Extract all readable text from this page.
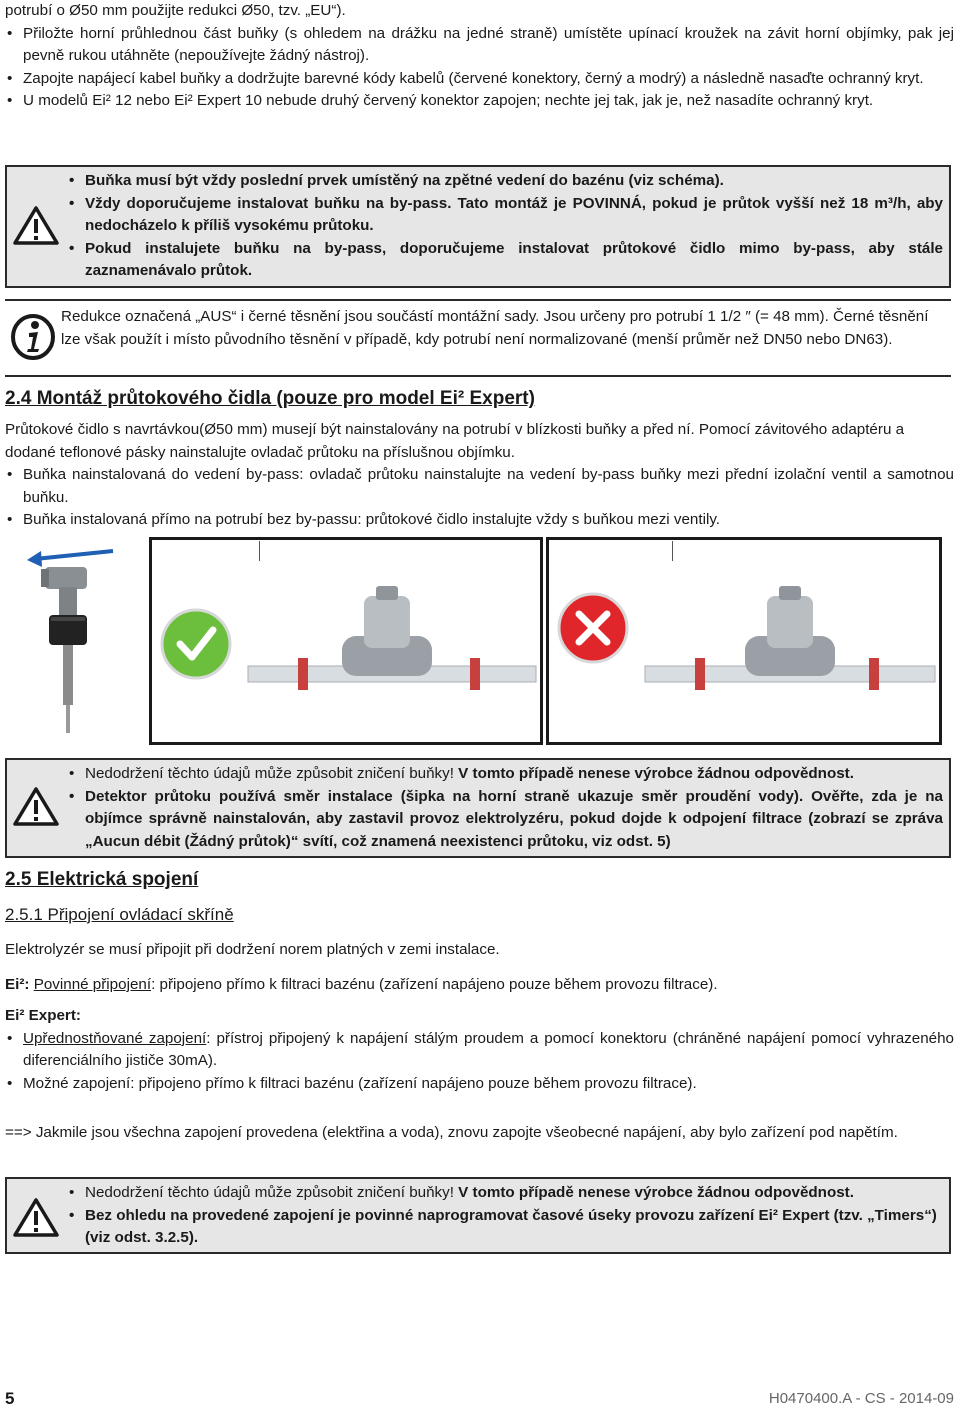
potrubí o Ø50 mm použijte redukci Ø50, tzv. „EU“).

• Přiložte horní průhlednou část buňky (s ohledem na drážku na jedné straně) umístěte upínací kroužek na závit horní objímky, pak jej pevně rukou utáhněte (nepoužívejte žádný nástroj).

• Zapojte napájecí kabel buňky a dodržujte barevné kódy kabelů (červené konektory, černý a modrý) a následně nasaďte ochranný kryt.

• U modelů Ei² 12 nebo Ei² Expert 10 nebude druhý červený konektor zapojen; nechte jej tak, jak je, než nasadíte ochranný kryt.

• Buňka musí být vždy poslední prvek umístěný na zpětné vedení do bazénu (viz schéma).

• Vždy doporučujeme instalovat buňku na by-pass. Tato montáž je POVINNÁ, pokud je průtok vyšší než 18 m³/h, aby nedocházelo k příliš vysokému průtoku.

• Pokud instalujete buňku na by-pass, doporučujeme instalovat průtokové čidlo mimo by-pass, aby stále zaznamenávalo průtok.

Redukce označená „AUS“ i černé těsnění jsou součástí montážní sady. Jsou určeny pro potrubí 1 1/2 ″ (= 48 mm). Černé těsnění lze však použít i místo původního těsnění v případě, kdy potrubí není normalizované (menší průměr než DN50 nebo DN63).

2.4 Montáž průtokového čidla (pouze pro model Ei² Expert)

Průtokové čidlo s navrtávkou(Ø50 mm) musejí být nainstalovány na potrubí v blízkosti buňky a před ní. Pomocí závitového adaptéru a dodané teflonové pásky nainstalujte ovladač průtoku na příslušnou objímku.

• Buňka nainstalovaná do vedení by-pass: ovladač průtoku nainstalujte na vedení by-pass buňky mezi přední izolační ventil a samotnou buňku.

• Buňka instalovaná přímo na potrubí bez by-passu: průtokové čidlo instalujte vždy s buňkou mezi ventily.

• Nedodržení těchto údajů může způsobit zničení buňky! V tomto případě nenese výrobce žádnou odpovědnost.

• Detektor průtoku používá směr instalace (šipka na horní straně ukazuje směr proudění vody). Ověřte, zda je na objímce správně nainstalován, aby zastavil provoz elektrolyzéru, pokud dojde k odpojení filtrace (zobrazí se zpráva „Aucun débit (Žádný průtok)“ svítí, což znamená neexistenci průtoku, viz odst. 5)

2.5 Elektrická spojení

2.5.1 Připojení ovládací skříně

Elektrolyzér se musí připojit při dodržení norem platných v zemi instalace.

Ei²: Povinné připojení: připojeno přímo k filtraci bazénu (zařízení napájeno pouze během provozu filtrace).

Ei² Expert:

• Upřednostňované zapojení: přístroj připojený k napájení stálým proudem a pomocí konektoru (chráněné napájení pomocí vyhrazeného diferenciálního jističe 30mA).

• Možné zapojení: připojeno přímo k filtraci bazénu (zařízení napájeno pouze během provozu filtrace).

==> Jakmile jsou všechna zapojení provedena (elektřina a voda), znovu zapojte všeobecné napájení, aby bylo zařízení pod napětím.

• Nedodržení těchto údajů může způsobit zničení buňky! V tomto případě nenese výrobce žádnou odpovědnost.

• Bez ohledu na provedené zapojení je povinné naprogramovat časové úseky provozu zařízení Ei² Expert (tzv. „Timers“) (viz odst. 3.2.5).

5	H0470400.A - CS - 2014-09
